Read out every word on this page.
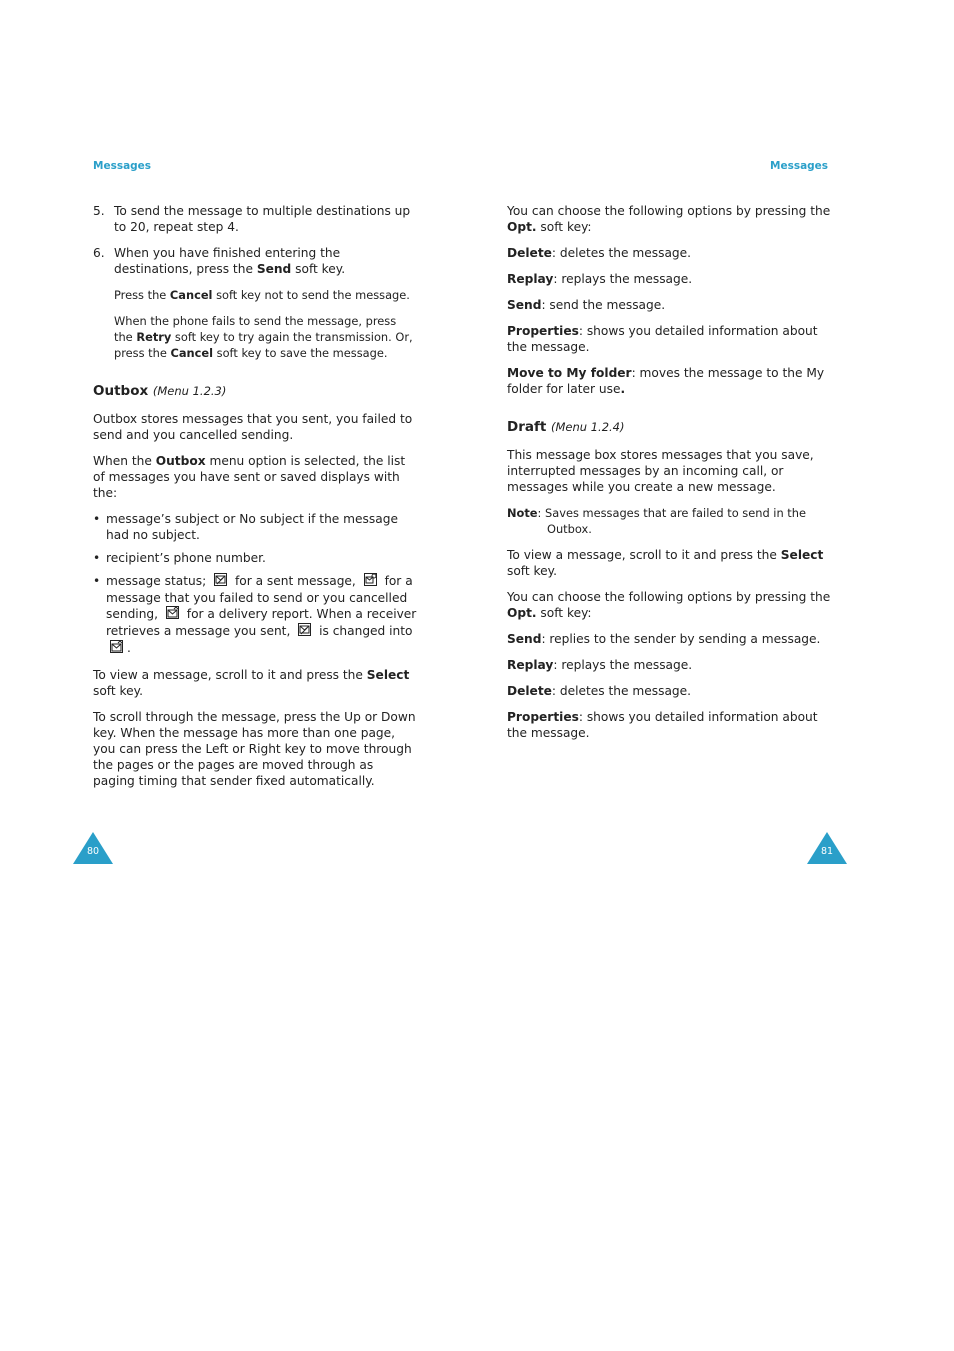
Messages	Messages
5. To send the message to multiple destinations up to 20, repeat step 4.
6. When you have finished entering the destinations, press the Send soft key.

Press the Cancel soft key not to send the message.

When the phone fails to send the message, press the Retry soft key to try again the transmission. Or, press the Cancel soft key to save the message.

Outbox (Menu 1.2.3)

Outbox stores messages that you sent, you failed to send and you cancelled sending.

When the Outbox menu option is selected, the list of messages you have sent or saved displays with the:

• message’s subject or No subject if the message had no subject.
• recipient’s phone number.
• message status; for a sent message, for a message that you failed to send or you cancelled sending, for a delivery report. When a receiver retrieves a message you sent, is changed into .

To view a message, scroll to it and press the Select soft key.

To scroll through the message, press the Up or Down key. When the message has more than one page, you can press the Left or Right key to move through the pages or the pages are moved through as paging timing that sender fixed automatically.

You can choose the following options by pressing the Opt. soft key:

Delete: deletes the message.

Replay: replays the message.

Send: send the message.

Properties: shows you detailed information about the message.

Move to My folder: moves the message to the My folder for later use.

Draft (Menu 1.2.4)

This message box stores messages that you save, interrupted messages by an incoming call, or messages while you create a new message.

Note: Saves messages that are failed to send in the
Outbox.

To view a message, scroll to it and press the Select soft key.

You can choose the following options by pressing the Opt. soft key:

Send: replies to the sender by sending a message.

Replay: replays the message.

Delete: deletes the message.

Properties: shows you detailed information about the message.

80	81
